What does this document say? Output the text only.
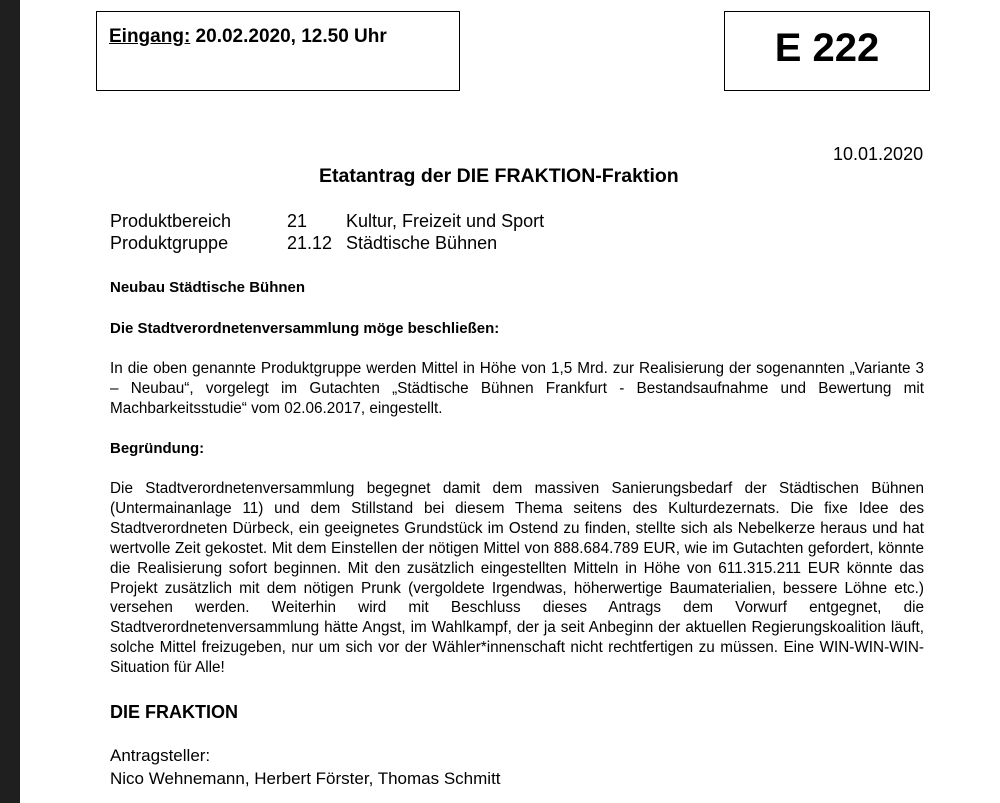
Eingang: 20.02.2020, 12.50 Uhr	E 222
10.01.2020
Etatantrag der DIE FRAKTION-Fraktion
Produktbereich	21 Kultur, Freizeit und Sport
Produktgruppe	21.12 Städtische Bühnen
Neubau Städtische Bühnen
Die Stadtverordnetenversammlung möge beschließen:

In die oben genannte Produktgruppe werden Mittel in Höhe von 1,5 Mrd. zur Realisierung der sogenannten „Variante 3 – Neubau“, vorgelegt im Gutachten „Städtische Bühnen Frankfurt - Bestandsaufnahme und Bewertung mit Machbarkeitsstudie“ vom 02.06.2017, eingestellt.

Begründung:

Die Stadtverordnetenversammlung begegnet damit dem massiven Sanierungsbedarf der Städtischen Bühnen (Untermainanlage 11) und dem Stillstand bei diesem Thema seitens des Kulturdezernats. Die fixe Idee des Stadtverordneten Dürbeck, ein geeignetes Grundstück im Ostend zu finden, stellte sich als Nebelkerze heraus und hat wertvolle Zeit gekostet. Mit dem Einstellen der nötigen Mittel von 888.684.789 EUR, wie im Gutachten gefordert, könnte die Realisierung sofort beginnen. Mit den zusätzlich eingestellten Mitteln in Höhe von 611.315.211 EUR könnte das Projekt zusätzlich mit dem nötigen Prunk (vergoldete Irgendwas, höherwertige Baumaterialien, bessere Löhne etc.) versehen werden. Weiterhin wird mit Beschluss dieses Antrags dem Vorwurf entgegnet, die Stadtverordnetenversammlung hätte Angst, im Wahlkampf, der ja seit Anbeginn der aktuellen Regierungskoalition läuft, solche Mittel freizugeben, nur um sich vor der Wähler*innenschaft nicht rechtfertigen zu müssen. Eine WIN-WIN-WIN-Situation für Alle!

DIE FRAKTION
Antragsteller:
Nico Wehnemann, Herbert Förster, Thomas Schmitt
